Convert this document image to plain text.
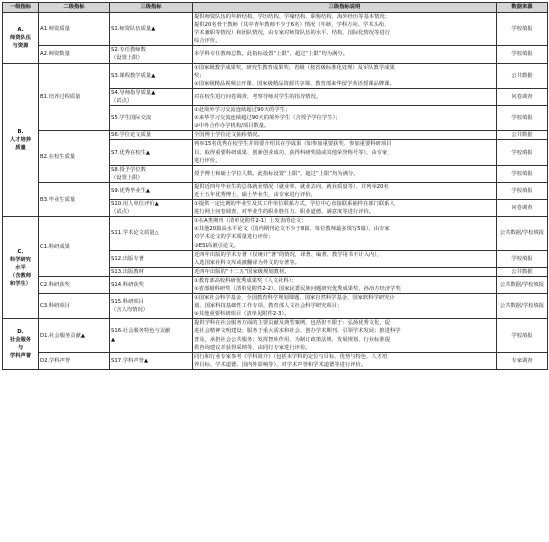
一级指标	二级指标	三级指标	三级指标说明	数据来源

A.
师资队伍
与资源	A1.师资质量	S1.师资队伍质量▲	提供师资队伍的年龄结构、学历结构、学缘结构、职称结构、海外经历等基本情况；
提供20名骨干教师（其中青年教师不少于6名）情况（年龄、学科方向、学术头衔、
学术兼职等情况）和团队情况，由专家对师资队伍的水平、结构、国际化情况等进行
综合评价。	学校填报
	A2.师资数量	S2.专任教师数
（设置上限）	本学科专任教师总数。此指标设置“上限”，超过“上限”均为满分。	学校填报

B.
人才培养
质量	B1.培养过程质量	S3.课程教学质量▲	①国家级教学成果奖、研究生教育成果奖、省级（按省级标准化处理）及军队教学成果
奖；
②国家级精品视频公开课、国家级精品资源共享课、教育部来华留学英语授课品牌课。	公共数据

		S4.导师指导质量▲
（试点）	对在校生进行问卷调查，考察导师对学生的指导情况。	问卷调查

		S5.学生国际交流	①赴境外学习交流连续超过90天的学生；
②来华学习交流连续超过90天的境外学生（含授予学位学生）；
③中外合作办学机构/项目数量。	学校填报
	B2.在校生质量	S6.学位论文质量	全国博士学位论文抽检情况。	公共数据

		S7.优秀在校生▲	列举15名优秀在校学生并简要介绍其在学成果（如参加重要获奖、参加重要科研项目
目、取得重要科研成果、创新创业成功、获得科研奖励或其他荣誉称号等），由专家
进行评价。	学校填报

		S8.授予学位数
（设置上限）	授予博士和硕士学位人数。此指标设置“上限”，超过“上限”均为满分。	学校填报
	B3.毕业生质量	S9.优秀毕业生▲	提供近四年毕业生的总体就业情况（就业率、就业去向、就业质量等），并列举20名
近十五年优秀博士、硕士毕业生，由专家进行评价。	学校填报

		S10.用人单位评价▲
（试点）	①提供一定比例的毕业生及其工作单位联系方式，学位中心直接联系抽样在部门联系人
进行网上问卷调查，对毕业生的职业胜任力、职业道德、满意度等进行评价。	问卷调查

C.
科学研究
水平
（含教师
和学生）	C1.科研成果	S11.学术论文质量△	①在A类期刊（清单见附件2-1）上发表的论文；
②其他20篇高水平论文（国内期刊论文不少于8篇，每位教师最多填写5篇），由专家
对学术论文的学术质量进行评价；
③ESI高被引论文。	公共数据/学校填报

		S12.出版专著	近四年出版的学术专著（仅统计“著”的情况，译著、编著、教学用书不计入内），
入选国家社科文库或被翻译为外文的专著等。	学校填报

		S13.出版教材	近四年出版的“十二五”国家级规划教材。	公共数据
	C2.科研获奖	S14.科研获奖	①教育部高校科研优秀成果奖（人文社科）；
②省部级科研奖（清单见附件2-2）、国家民委民族问题研究优秀成果奖、孙冶方经济学奖	公共数据/学校填报
	C3.科研项目	S15.科研项目
（含人均情况）	①国家社会科学基金、全国教育科学规划课题、国家自然科学基金、国家软科学研究计
划、国家科技基础性工作专项、教育部人文社会科学研究项目；
②其他重要科研项目（清单见附件2-3）。	公共数据/学校填报

D.
社会服务
与
学科声誉	D1.社会服务贡献▲	S16.社会服务特色与贡献
▲	提供学科在社会服务方面的主要贡献及典型案例，包括但不限于：弘扬优秀文化，促
进社会精神文明建设；服务于重大需求和社会、创办学术期刊、引领学术发展；推进科学
普及，承担社会公共服务；发挥智库作用，为制订政策法规、发展规划、行业标准提
供咨询建议并获得采纳等，由同行专家进行评价。	学校填报
	D2.学科声誉	S17.学科声誉▲	同行和行业专家参考《学科简介》（包括本学科的定位与目标、优势与特色、人才培
养目标、学术道德、国内外影响等），对学术声誉和学术道德等进行评价。	专家调查
